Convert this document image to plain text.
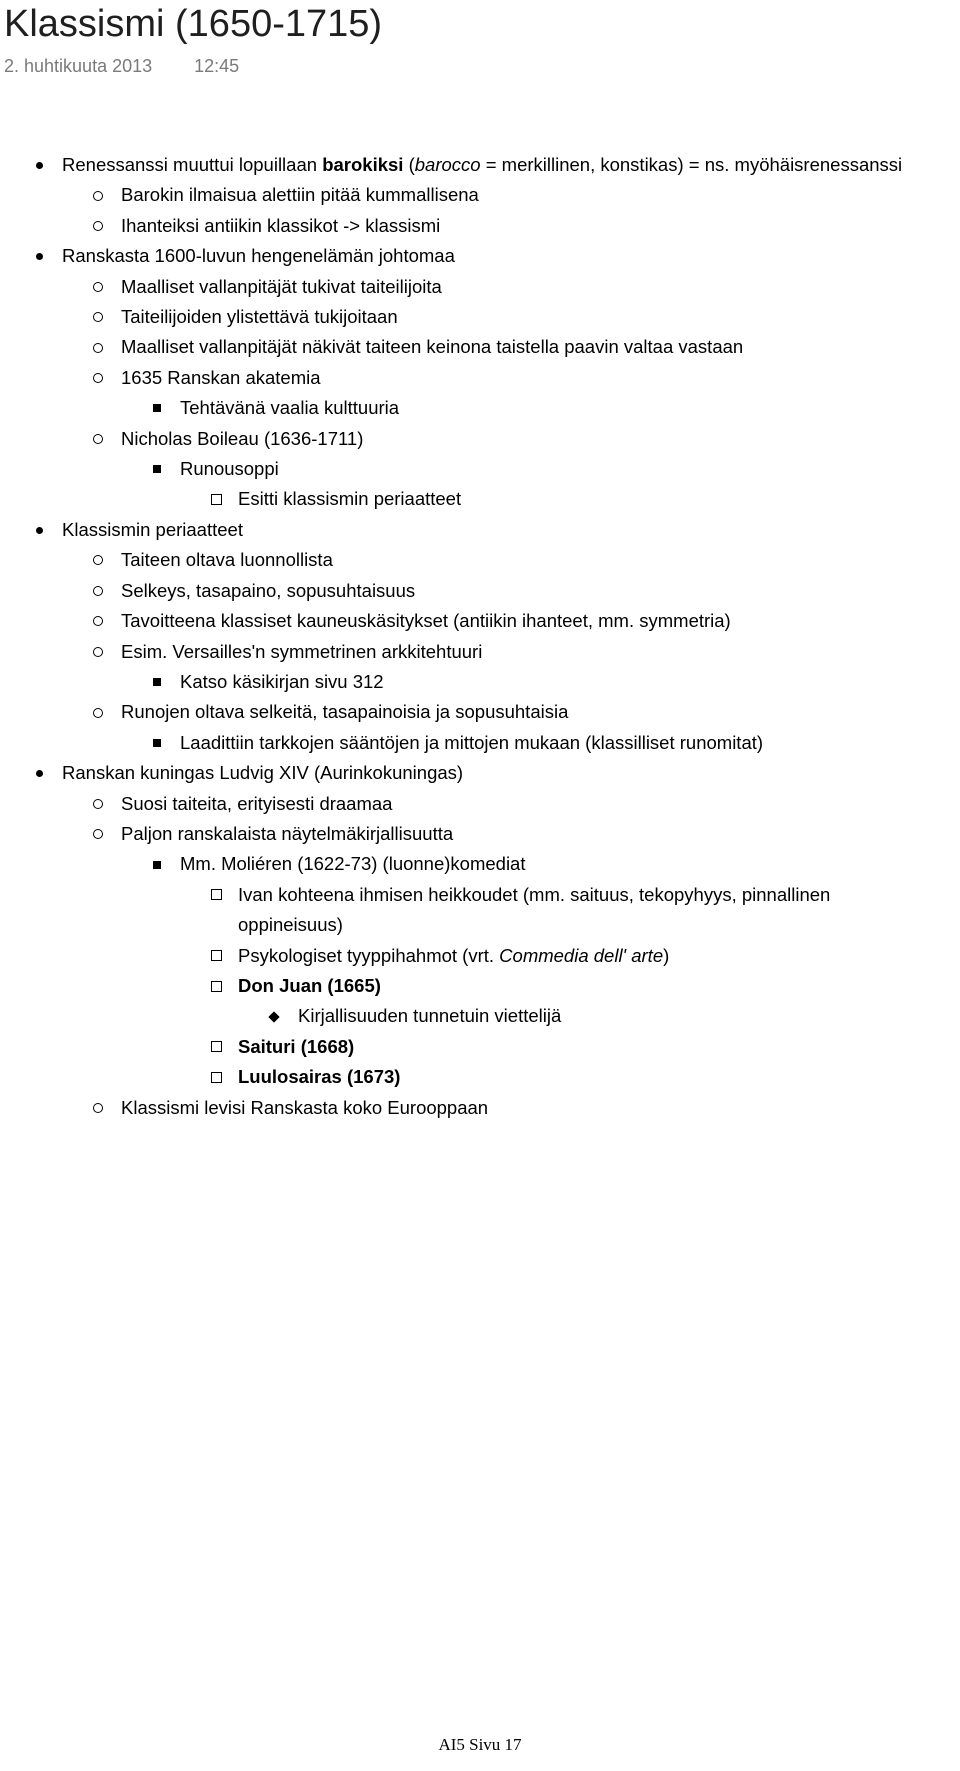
Klassismi (1650-1715)
2. huhtikuuta 2013 12:45
Renessanssi muuttui lopuillaan barokiksi (barocco = merkillinen, konstikas) = ns. myöhäisrenessanssi
Barokin ilmaisua alettiin pitää kummallisena
Ihanteiksi antiikin klassikot -> klassismi
Ranskasta 1600-luvun hengenelämän johtomaa
Maalliset vallanpitäjät tukivat taiteilijoita
Taiteilijoiden ylistettävä tukijoitaan
Maalliset vallanpitäjät näkivät taiteen keinona taistella paavin valtaa vastaan
1635 Ranskan akatemia
Tehtävänä vaalia kulttuuria
Nicholas Boileau (1636-1711)
Runousoppi
Esitti klassismin periaatteet
Klassismin periaatteet
Taiteen oltava luonnollista
Selkeys, tasapaino, sopusuhtaisuus
Tavoitteena klassiset kauneuskäsitykset (antiikin ihanteet, mm. symmetria)
Esim. Versailles'n symmetrinen arkkitehtuuri
Katso käsikirjan sivu 312
Runojen oltava selkeitä, tasapainoisia ja sopusuhtaisia
Laadittiin tarkkojen sääntöjen ja mittojen mukaan (klassilliset runomitat)
Ranskan kuningas Ludvig XIV (Aurinkokuningas)
Suosi taiteita, erityisesti draamaa
Paljon ranskalaista näytelmäkirjallisuutta
Mm. Moliéren (1622-73) (luonne)komediat
Ivan kohteena ihmisen heikkoudet (mm. saituus, tekopyhyys, pinnallinen oppineisuus)
Psykologiset tyyppihahmot (vrt. Commedia dell' arte)
Don Juan (1665)
Kirjallisuuden tunnetuin viettelijä
Saituri (1668)
Luulosairas (1673)
Klassismi levisi Ranskasta koko Eurooppaan
AI5 Sivu 17
